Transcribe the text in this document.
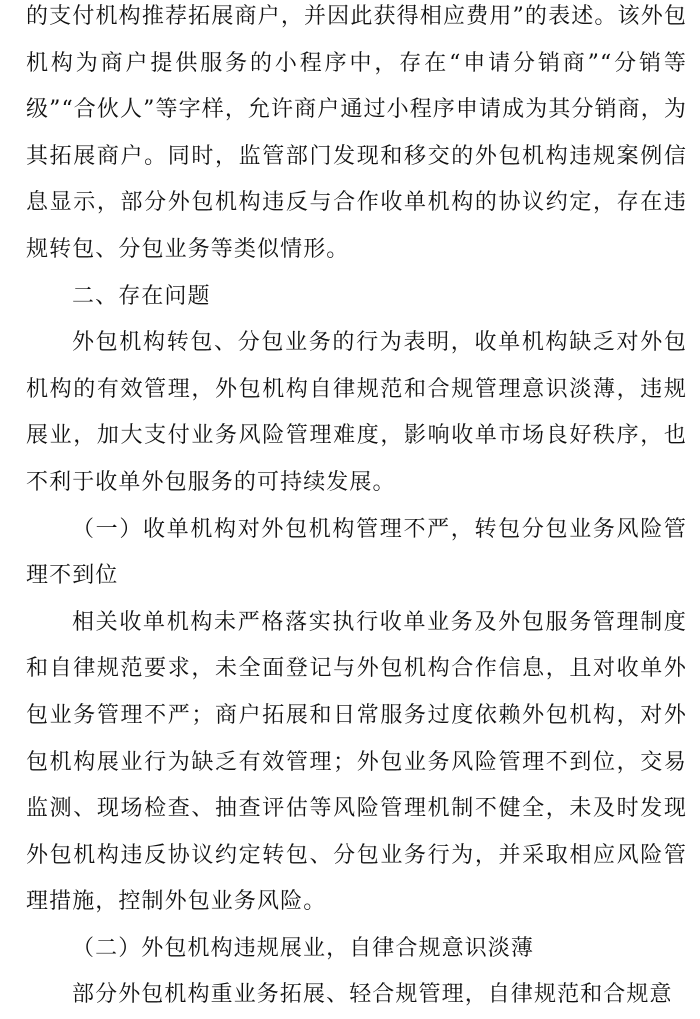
的支付机构推荐拓展商户，并因此获得相应费用”的表述。该外包机构为商户提供服务的小程序中，存在“申请分销商”“分销等级”“合伙人”等字样，允许商户通过小程序申请成为其分销商，为其拓展商户。同时，监管部门发现和移交的外包机构违规案例信息显示，部分外包机构违反与合作收单机构的协议约定，存在违规转包、分包业务等类似情形。

二、存在问题

外包机构转包、分包业务的行为表明，收单机构缺乏对外包机构的有效管理，外包机构自律规范和合规管理意识淡薄，违规展业，加大支付业务风险管理难度，影响收单市场良好秩序，也不利于收单外包服务的可持续发展。

（一）收单机构对外包机构管理不严，转包分包业务风险管理不到位

相关收单机构未严格落实执行收单业务及外包服务管理制度和自律规范要求，未全面登记与外包机构合作信息，且对收单外包业务管理不严；商户拓展和日常服务过度依赖外包机构，对外包机构展业行为缺乏有效管理；外包业务风险管理不到位，交易监测、现场检查、抽查评估等风险管理机制不健全，未及时发现外包机构违反协议约定转包、分包业务行为，并采取相应风险管理措施，控制外包业务风险。

（二）外包机构违规展业，自律合规意识淡薄

部分外包机构重业务拓展、轻合规管理，自律规范和合规意
